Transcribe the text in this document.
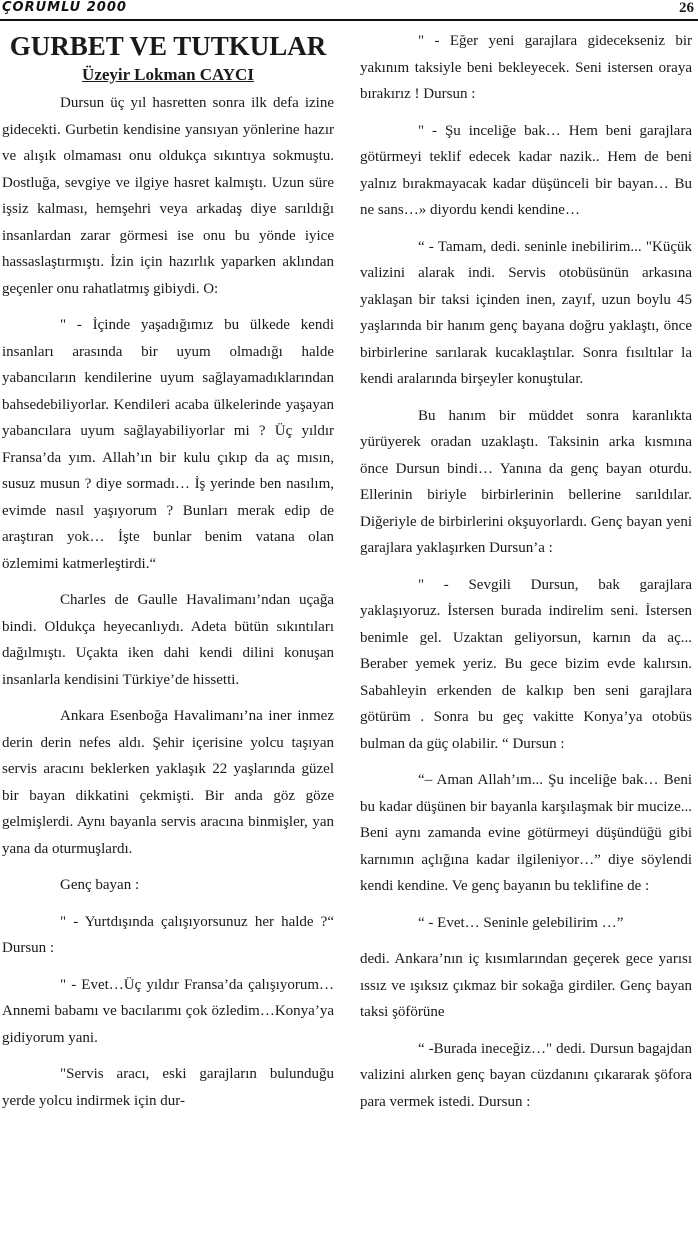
ÇORUMLU 2000	26
GURBET VE TUTKULAR
Üzeyir Lokman CAYCI

Dursun üç yıl hasretten sonra ilk defa izine gidecekti. Gurbetin kendisine yansıyan yönlerine hazır ve alışık olmaması onu oldukça sıkıntıya sokmuştu. Dostluğa, sevgiye ve ilgiye hasret kalmıştı. Uzun süre işsiz kalması, hemşehri veya arkadaş diye sarıldığı insanlardan zarar görmesi ise onu bu yönde iyice hassaslaştırmıştı. İzin için hazırlık yaparken aklından geçenler onu rahatlatmış gibiydi. O:

" - İçinde yaşadığımız bu ülkede kendi insanları arasında bir uyum olmadığı halde yabancıların kendilerine uyum sağlayamadıklarından bahsedebiliyorlar. Kendileri acaba ülkelerinde yaşayan yabancılara uyum sağlayabiliyorlar mi ? Üç yıldır Fransa’da yım. Allah’ın bir kulu çıkıp da aç mısın, susuz musun ? diye sormadı… İş yerinde ben nasılım, evimde nasıl yaşıyorum ? Bunları merak edip de araştıran yok… İşte bunlar benim vatana olan özlemimi katmerleştirdi.“

Charles de Gaulle Havalimanı’ndan uçağa bindi. Oldukça heyecanlıydı. Adeta bütün sıkıntıları dağılmıştı. Uçakta iken dahi kendi dilini konuşan insanlarla kendisini Türkiye’de hissetti.

Ankara Esenboğa Havalimanı’na iner inmez derin derin nefes aldı. Şehir içerisine yolcu taşıyan servis aracını beklerken yaklaşık 22 yaşlarında güzel bir bayan dikkatini çekmişti. Bir anda göz göze gelmişlerdi. Aynı bayanla servis aracına binmişler, yan yana da oturmuşlardı.

Genç bayan :

" - Yurtdışında çalışıyorsunuz her halde ?“ Dursun :

" - Evet…Üç yıldır Fransa’da çalışıyorum… Annemi babamı ve bacılarımı çok özledim…Konya’ya gidiyorum yani.

"Servis aracı, eski garajların bulunduğu yerde yolcu indirmek için dur-

" - Eğer yeni garajlara gidecekseniz bir yakınım taksiyle beni bekleyecek. Seni istersen oraya bırakırız ! Dursun :

" - Şu inceliğe bak… Hem beni garajlara götürmeyi teklif edecek kadar nazik.. Hem de beni yalnız bırakmayacak kadar düşünceli bir bayan… Bu ne sans…» diyordu kendi kendine…

“ - Tamam, dedi. seninle inebilirim... "Küçük valizini alarak indi. Servis otobüsünün arkasına yaklaşan bir taksi içinden inen, zayıf, uzun boylu 45 yaşlarında bir hanım genç bayana doğru yaklaştı, önce birbirlerine sarılarak kucaklaştılar. Sonra fısıltılar la kendi aralarında birşeyler konuştular.

Bu hanım bir müddet sonra karanlıkta yürüyerek oradan uzaklaştı. Taksinin arka kısmına önce Dursun bindi… Yanına da genç bayan oturdu. Ellerinin biriyle birbirlerinin bellerine sarıldılar. Diğeriyle de birbirlerini okşuyorlardı. Genç bayan yeni garajlara yaklaşırken Dursun’a :

" - Sevgili Dursun, bak garajlara yaklaşıyoruz. İstersen burada indirelim seni. İstersen benimle gel. Uzaktan geliyorsun, karnın da aç... Beraber yemek yeriz. Bu gece bizim evde kalırsın. Sabahleyin erkenden de kalkıp ben seni garajlara götürüm . Sonra bu geç vakitte Konya’ya otobüs bulman da güç olabilir. “ Dursun :

“– Aman Allah’ım... Şu inceliğe bak… Beni bu kadar düşünen bir bayanla karşılaşmak bir mucize... Beni aynı zamanda evine götürmeyi düşündüğü gibi karnımın açlığına kadar ilgileniyor…” diye söylendi kendi kendine. Ve genç bayanın bu teklifine de :

“ - Evet… Seninle gelebilirim …”

dedi. Ankara’nın iç kısımlarından geçerek gece yarısı ıssız ve ışıksız çıkmaz bir sokağa girdiler. Genç bayan taksi şöförüne

“ -Burada ineceğiz…" dedi. Dursun bagajdan valizini alırken genç bayan cüzdanını çıkararak şöfora para vermek istedi. Dursun :
